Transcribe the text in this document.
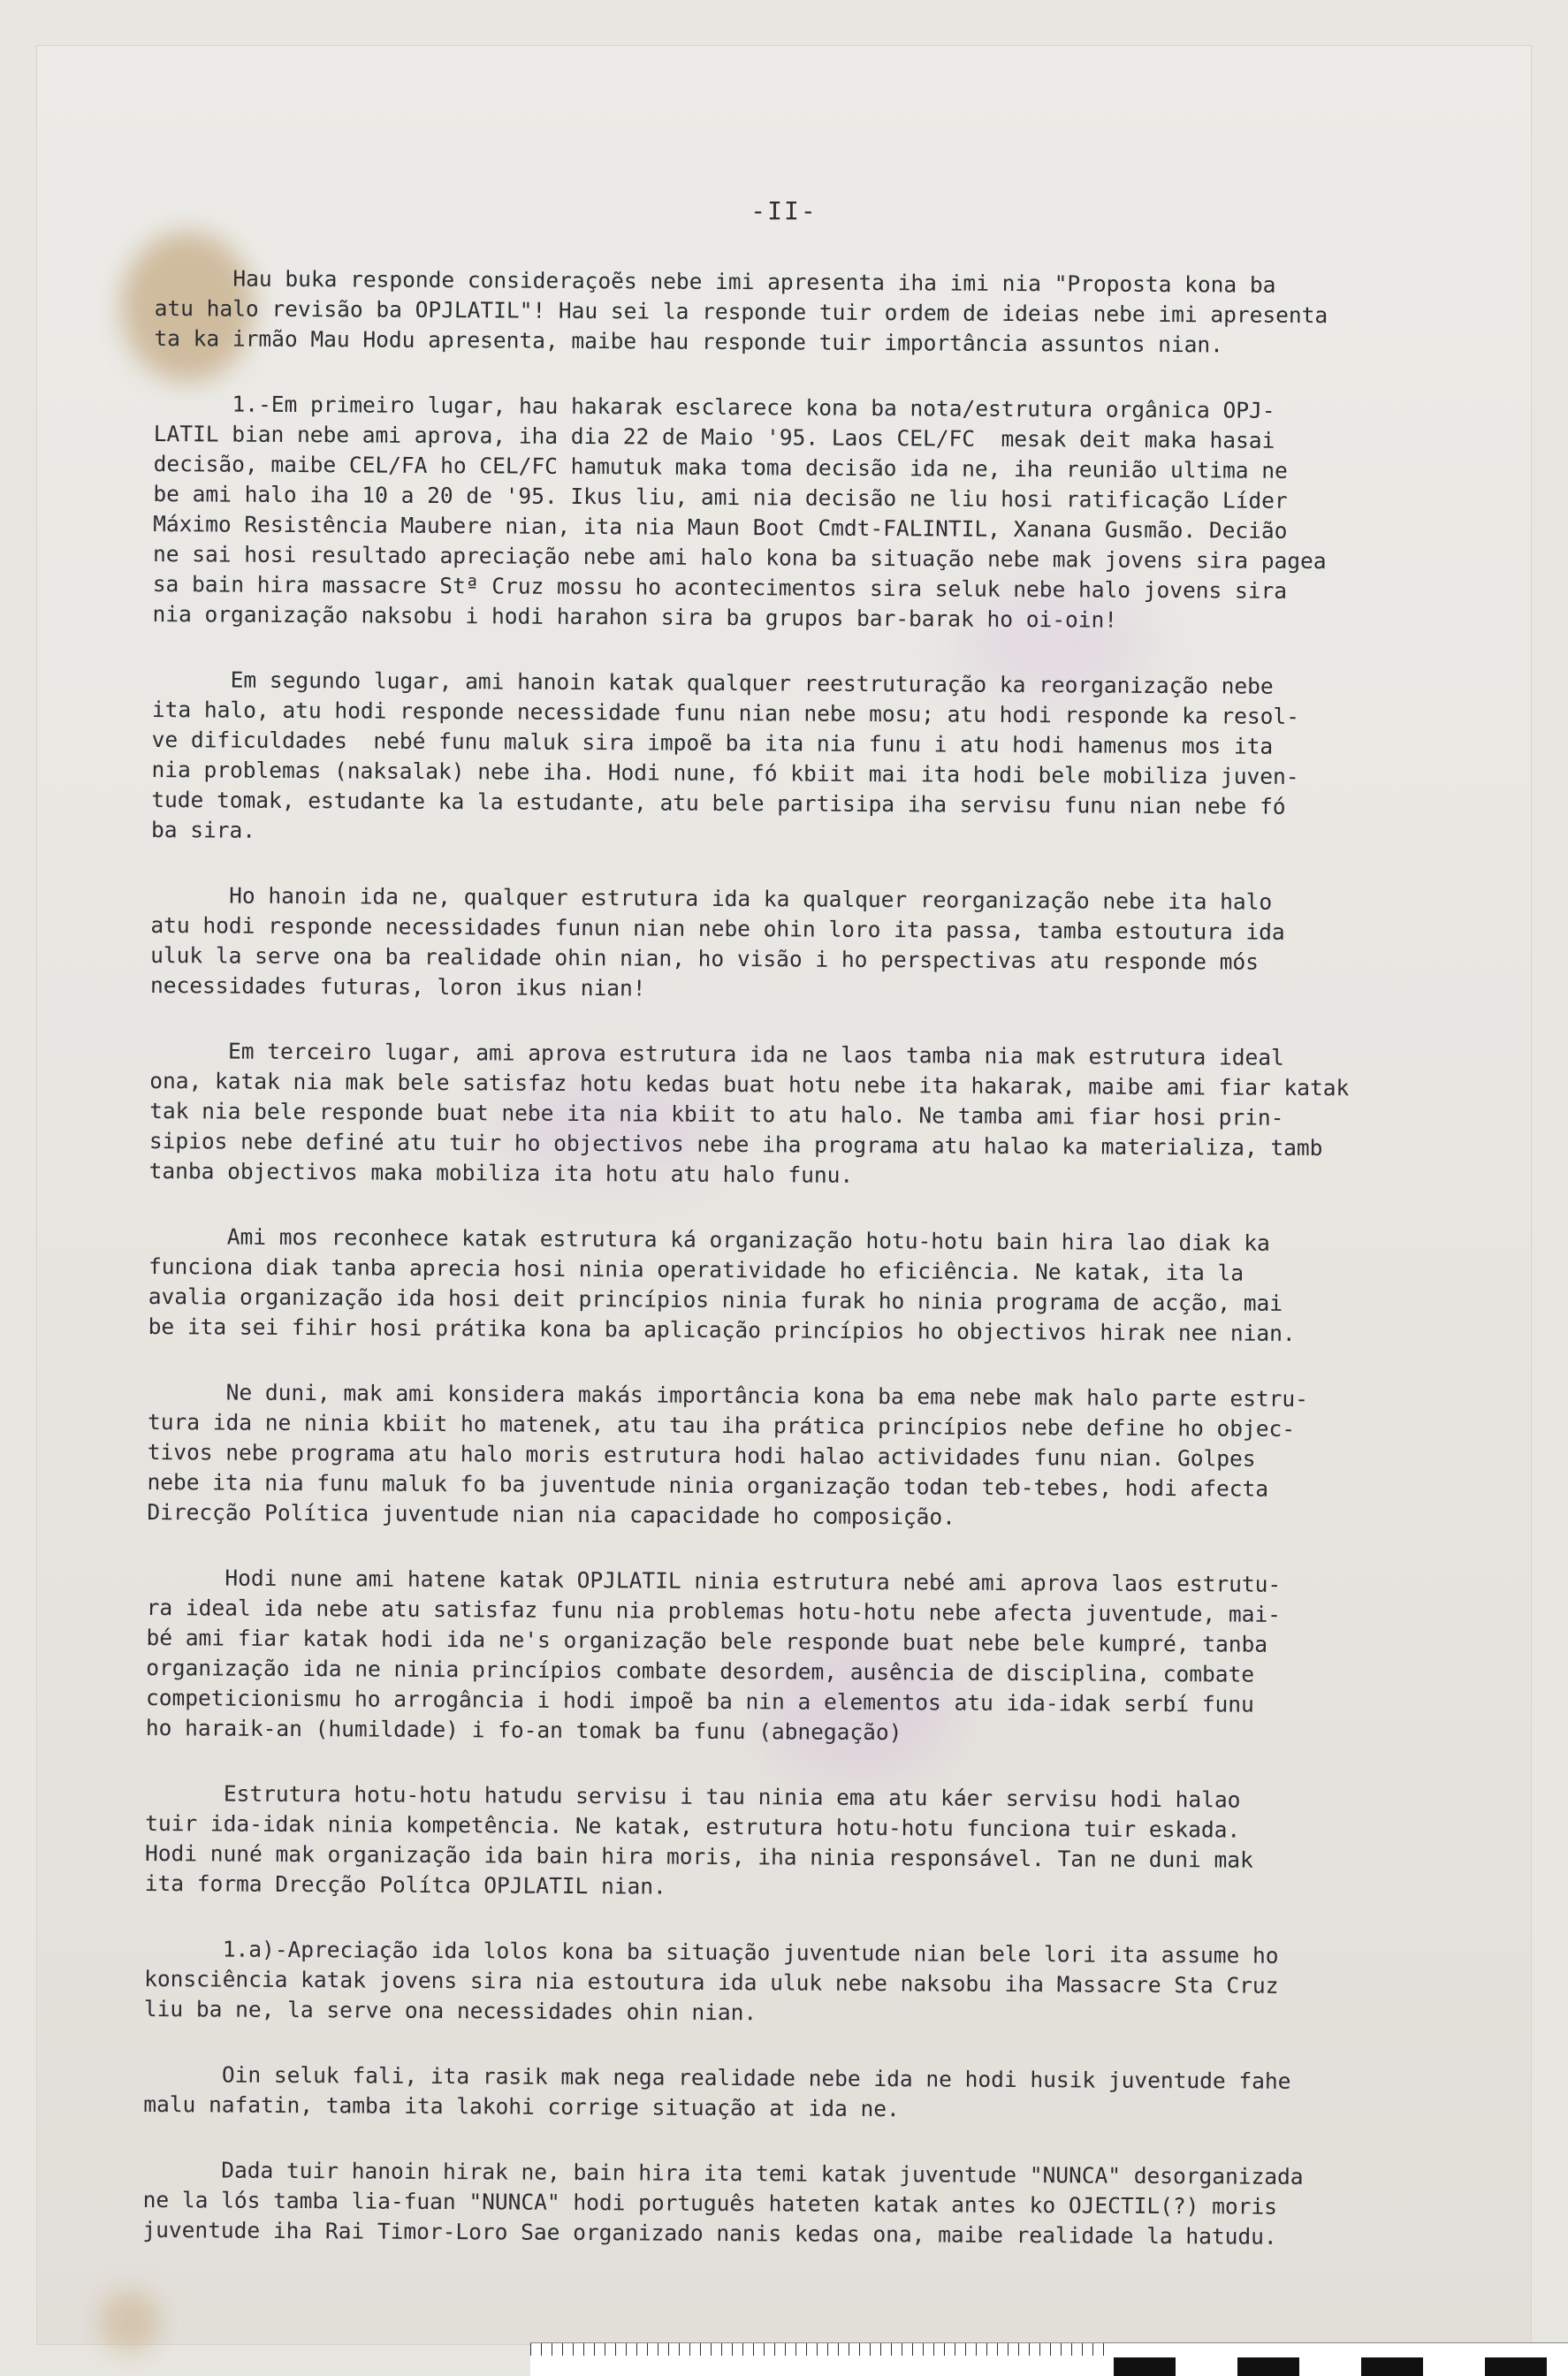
-II-
Hau buka responde consideraçoẽs nebe imi apresenta iha imi nia "Proposta kona ba
atu halo revisão ba OPJLATIL"! Hau sei la responde tuir ordem de ideias nebe imi apresenta
ta ka irmão Mau Hodu apresenta, maibe hau responde tuir importância assuntos nian.
1.-Em primeiro lugar, hau hakarak esclarece kona ba nota/estrutura orgânica OPJ-
LATIL bian nebe ami aprova, iha dia 22 de Maio '95. Laos CEL/FC  mesak deit maka hasai
decisão, maibe CEL/FA ho CEL/FC hamutuk maka toma decisão ida ne, iha reunião ultima ne
be ami halo iha 10 a 20 de '95. Ikus liu, ami nia decisão ne liu hosi ratificação Líder
Máximo Resistência Maubere nian, ita nia Maun Boot Cmdt-FALINTIL, Xanana Gusmão. Decião
ne sai hosi resultado apreciação nebe ami halo kona ba situação nebe mak jovens sira pagea
sa bain hira massacre Stª Cruz mossu ho acontecimentos sira seluk nebe halo jovens sira
nia organização naksobu i hodi harahon sira ba grupos bar-barak ho oi-oin!
Em segundo lugar, ami hanoin katak qualquer reestruturação ka reorganização nebe
ita halo, atu hodi responde necessidade funu nian nebe mosu; atu hodi responde ka resol-
ve dificuldades  nebé funu maluk sira impoẽ ba ita nia funu i atu hodi hamenus mos ita
nia problemas (naksalak) nebe iha. Hodi nune, fó kbiit mai ita hodi bele mobiliza juven-
tude tomak, estudante ka la estudante, atu bele partisipa iha servisu funu nian nebe fó
ba sira.
Ho hanoin ida ne, qualquer estrutura ida ka qualquer reorganização nebe ita halo
atu hodi responde necessidades funun nian nebe ohin loro ita passa, tamba estoutura ida
uluk la serve ona ba realidade ohin nian, ho visão i ho perspectivas atu responde mós
necessidades futuras, loron ikus nian!
Em terceiro lugar, ami aprova estrutura ida ne laos tamba nia mak estrutura ideal
ona, katak nia mak bele satisfaz hotu kedas buat hotu nebe ita hakarak, maibe ami fiar katak
tak nia bele responde buat nebe ita nia kbiit to atu halo. Ne tamba ami fiar hosi prin-
sipios nebe definé atu tuir ho objectivos nebe iha programa atu halao ka materializa, tamb
tanba objectivos maka mobiliza ita hotu atu halo funu.
Ami mos reconhece katak estrutura ká organização hotu-hotu bain hira lao diak ka
funciona diak tanba aprecia hosi ninia operatividade ho eficiência. Ne katak, ita la
avalia organização ida hosi deit princípios ninia furak ho ninia programa de acção, mai
be ita sei fihir hosi prátika kona ba aplicação princípios ho objectivos hirak nee nian.
Ne duni, mak ami konsidera makás importância kona ba ema nebe mak halo parte estru-
tura ida ne ninia kbiit ho matenek, atu tau iha prática princípios nebe define ho objec-
tivos nebe programa atu halo moris estrutura hodi halao actividades funu nian. Golpes
nebe ita nia funu maluk fo ba juventude ninia organização todan teb-tebes, hodi afecta
Direcção Política juventude nian nia capacidade ho composição.
Hodi nune ami hatene katak OPJLATIL ninia estrutura nebé ami aprova laos estrutu-
ra ideal ida nebe atu satisfaz funu nia problemas hotu-hotu nebe afecta juventude, mai-
bé ami fiar katak hodi ida ne's organização bele responde buat nebe bele kumpré, tanba
organização ida ne ninia princípios combate desordem, ausência de disciplina, combate
competicionismu ho arrogância i hodi impoẽ ba nin a elementos atu ida-idak serbí funu
ho haraik-an (humildade) i fo-an tomak ba funu (abnegação)
Estrutura hotu-hotu hatudu servisu i tau ninia ema atu káer servisu hodi halao
tuir ida-idak ninia kompetência. Ne katak, estrutura hotu-hotu funciona tuir eskada.
Hodi nuné mak organização ida bain hira moris, iha ninia responsável. Tan ne duni mak
ita forma Drecção Polítca OPJLATIL nian.
1.a)-Apreciação ida lolos kona ba situação juventude nian bele lori ita assume ho
konsciência katak jovens sira nia estoutura ida uluk nebe naksobu iha Massacre Sta Cruz
liu ba ne, la serve ona necessidades ohin nian.
Oin seluk fali, ita rasik mak nega realidade nebe ida ne hodi husik juventude fahe
malu nafatin, tamba ita lakohi corrige situação at ida ne.
Dada tuir hanoin hirak ne, bain hira ita temi katak juventude "NUNCA" desorganizada
ne la lós tamba lia-fuan "NUNCA" hodi português hateten katak antes ko OJECTIL(?) moris
juventude iha Rai Timor-Loro Sae organizado nanis kedas ona, maibe realidade la hatudu.
